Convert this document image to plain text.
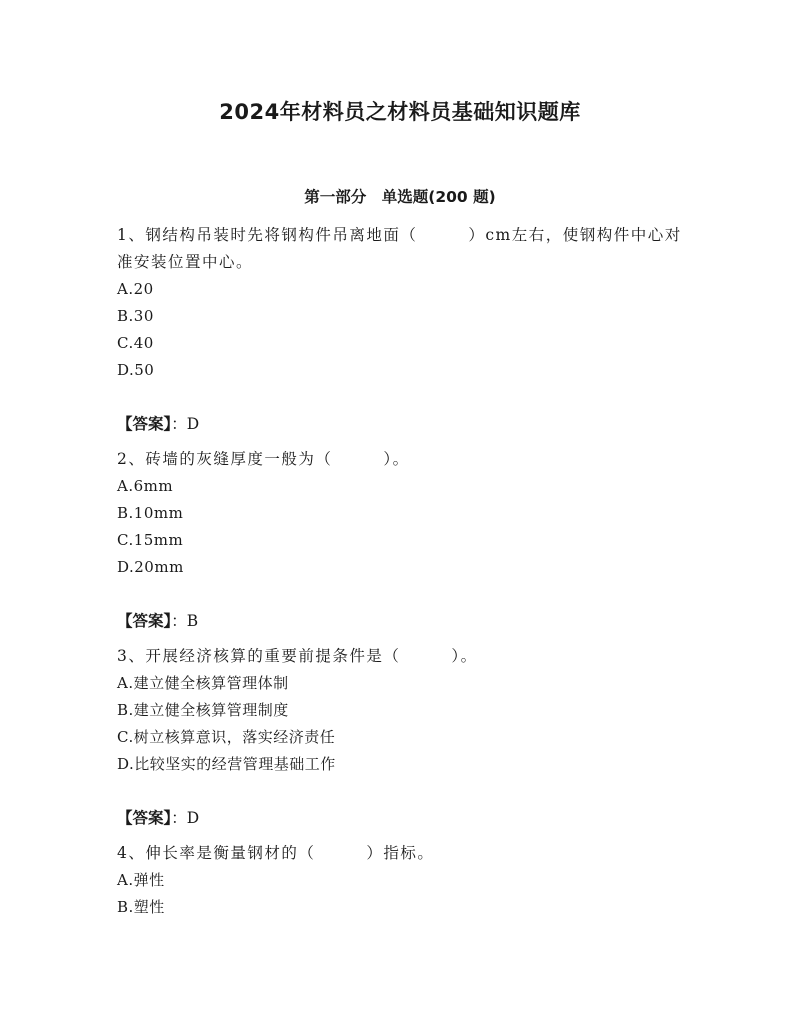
2024年材料员之材料员基础知识题库
第一部分　单选题(200 题)

1、钢结构吊装时先将钢构件吊离地面（　　　）cm左右，使钢构件中心对准安装位置中心。

A.20

B.30

C.40

D.50

【答案】：D

2、砖墙的灰缝厚度一般为（　　　）。

A.6mm

B.10mm

C.15mm

D.20mm

【答案】：B

3、开展经济核算的重要前提条件是（　　　）。

A.建立健全核算管理体制

B.建立健全核算管理制度

C.树立核算意识，落实经济责任

D.比较坚实的经营管理基础工作

【答案】：D

4、伸长率是衡量钢材的（　　　）指标。

A.弹性

B.塑性
